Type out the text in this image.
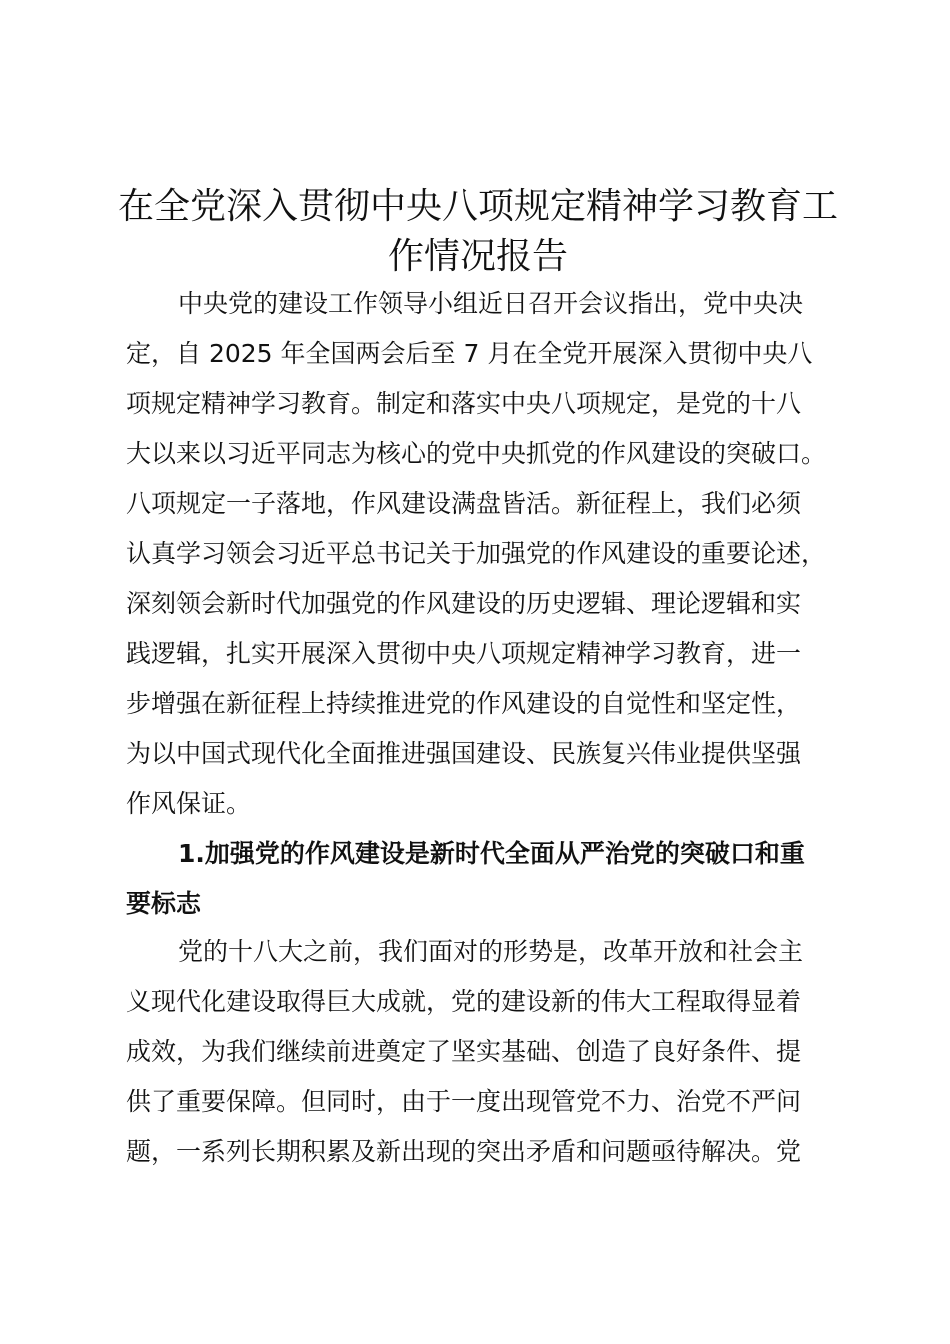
在全党深入贯彻中央八项规定精神学习教育工
作情况报告
中央党的建设工作领导小组近日召开会议指出，党中央决
定，自 2025 年全国两会后至 7 月在全党开展深入贯彻中央八
项规定精神学习教育。制定和落实中央八项规定，是党的十八
大以来以习近平同志为核心的党中央抓党的作风建设的突破口。
八项规定一子落地，作风建设满盘皆活。新征程上，我们必须
认真学习领会习近平总书记关于加强党的作风建设的重要论述，
深刻领会新时代加强党的作风建设的历史逻辑、理论逻辑和实
践逻辑，扎实开展深入贯彻中央八项规定精神学习教育，进一
步增强在新征程上持续推进党的作风建设的自觉性和坚定性，
为以中国式现代化全面推进强国建设、民族复兴伟业提供坚强
作风保证。
1.加强党的作风建设是新时代全面从严治党的突破口和重
要标志
党的十八大之前，我们面对的形势是，改革开放和社会主
义现代化建设取得巨大成就，党的建设新的伟大工程取得显着
成效，为我们继续前进奠定了坚实基础、创造了良好条件、提
供了重要保障。但同时，由于一度出现管党不力、治党不严问
题，一系列长期积累及新出现的突出矛盾和问题亟待解决。党
